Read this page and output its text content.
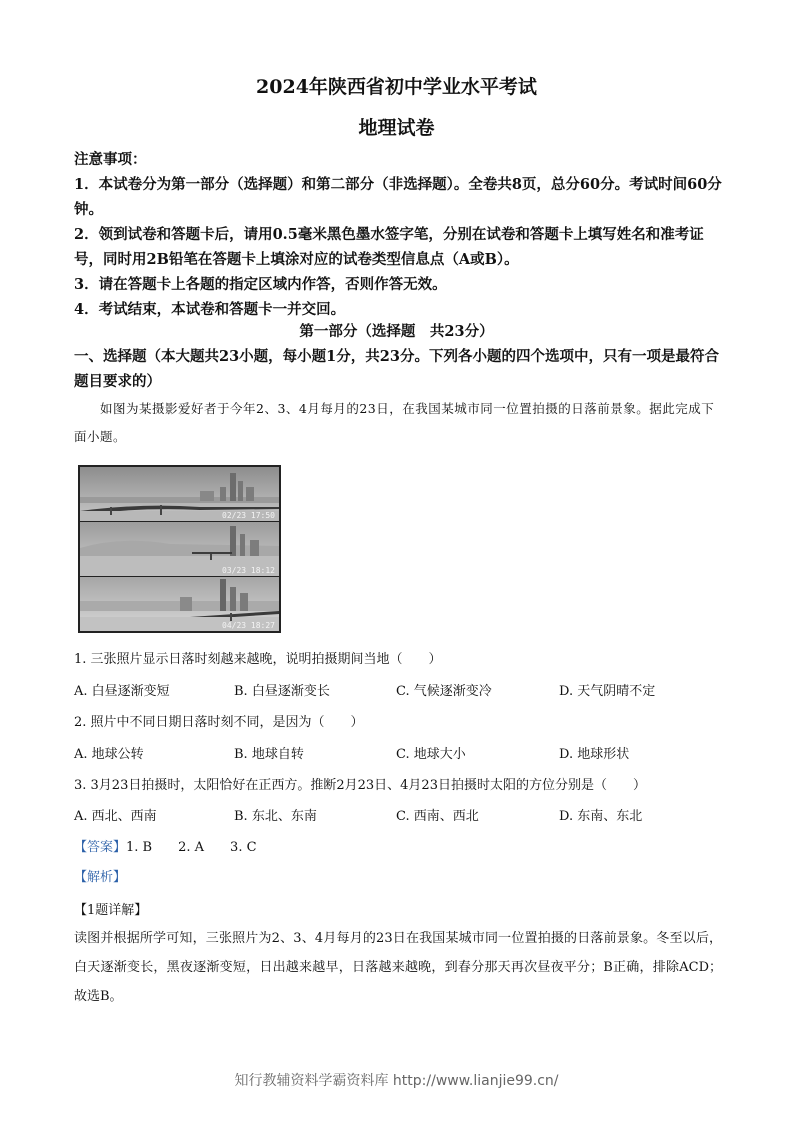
2024年陕西省初中学业水平考试
地理试卷
注意事项：
1．本试卷分为第一部分（选择题）和第二部分（非选择题）。全卷共8页，总分60分。考试时间60分钟。
2．领到试卷和答题卡后，请用0.5毫米黑色墨水签字笔，分别在试卷和答题卡上填写姓名和准考证号，同时用2B铅笔在答题卡上填涂对应的试卷类型信息点（A或B）。
3．请在答题卡上各题的指定区域内作答，否则作答无效。
4．考试结束，本试卷和答题卡一并交回。
第一部分（选择题　共23分）
一、选择题（本大题共23小题，每小题1分，共23分。下列各小题的四个选项中，只有一项是最符合题目要求的）
如图为某摄影爱好者于今年2、3、4月每月的23日，在我国某城市同一位置拍摄的日落前景象。据此完成下面小题。
02/23 17:50
03/23 18:12
04/23 18:27
1. 三张照片显示日落时刻越来越晚，说明拍摄期间当地（　　）
A. 白昼逐渐变短	B. 白昼逐渐变长	C. 气候逐渐变冷	D. 天气阴晴不定
2. 照片中不同日期日落时刻不同，是因为（　　）
A. 地球公转	B. 地球自转	C. 地球大小	D. 地球形状
3. 3月23日拍摄时，太阳恰好在正西方。推断2月23日、4月23日拍摄时太阳的方位分别是（　　）
A. 西北、西南	B. 东北、东南	C. 西南、西北	D. 东南、东北
【答案】1. B 2. A 3. C
【解析】
【1题详解】
读图并根据所学可知，三张照片为2、3、4月每月的23日在我国某城市同一位置拍摄的日落前景象。冬至以后，白天逐渐变长，黑夜逐渐变短，日出越来越早，日落越来越晚，到春分那天再次昼夜平分；B正确，排除ACD；故选B。
知行教辅资料学霸资料库 http://www.lianjie99.cn/
